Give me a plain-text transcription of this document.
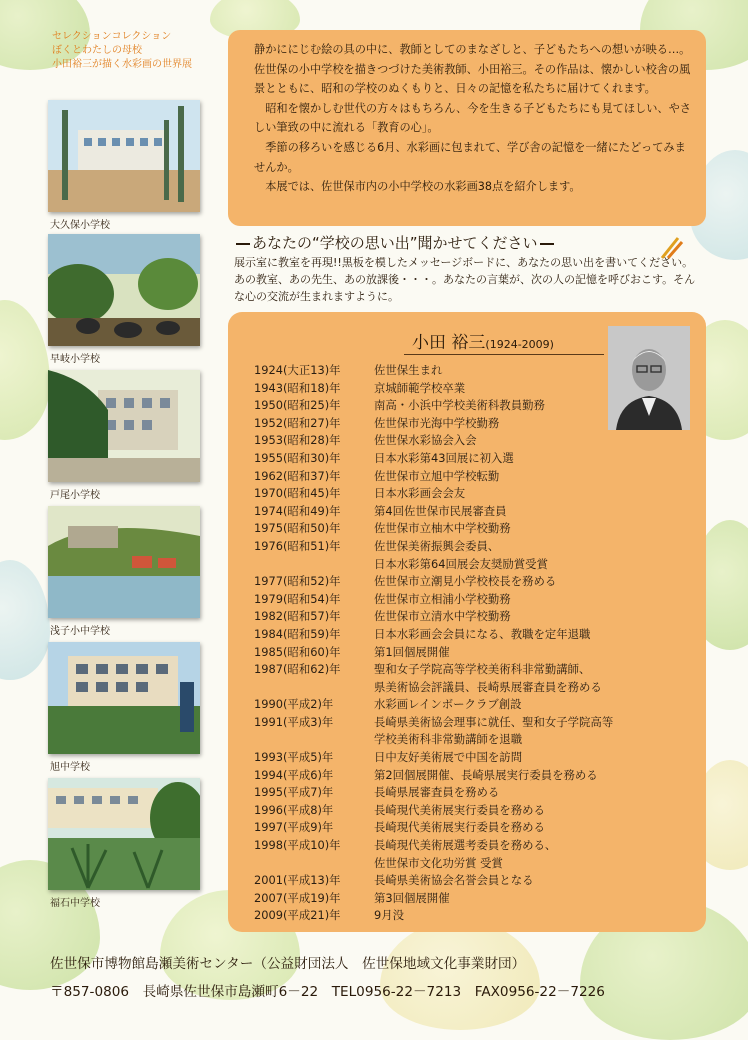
セレクションコレクション
ぼくとわたしの母校
小田裕三が描く水彩画の世界展

静かににじむ絵の具の中に、教師としてのまなざしと、子どもたちへの想いが映る…。佐世保の小中学校を描きつづけた美術教師、小田裕三。その作品は、懐かしい校舎の風景とともに、昭和の学校のぬくもりと、日々の記憶を私たちに届けてくれます。

　昭和を懐かしむ世代の方々はもちろん、今を生きる子どもたちにも見てほしい、やさしい筆致の中に流れる「教育の心」。

　季節の移ろいを感じる6月、水彩画に包まれて、学び舎の記憶を一緒にたどってみませんか。

　本展では、佐世保市内の小中学校の水彩画38点を紹介します。

あなたの“学校の思い出”聞かせてください
展示室に教室を再現!!黒板を模したメッセージボードに、あなたの思い出を書いてください。あの教室、あの先生、あの放課後・・・。あなたの言葉が、次の人の記憶を呼びおこす。そんな心の交流が生まれますように。
小田 裕三(1924-2009)
1924(大正13)年	佐世保生まれ
1943(昭和18)年	京城師範学校卒業
1950(昭和25)年	南高・小浜中学校美術科教員勤務
1952(昭和27)年	佐世保市光海中学校勤務
1953(昭和28)年	佐世保水彩協会入会
1955(昭和30)年	日本水彩第43回展に初入選
1962(昭和37)年	佐世保市立旭中学校転勤
1970(昭和45)年	日本水彩画会会友
1974(昭和49)年	第4回佐世保市民展審査員
1975(昭和50)年	佐世保市立柚木中学校勤務
1976(昭和51)年	佐世保美術振興会委員、
日本水彩第64回展会友奨励賞受賞
1977(昭和52)年	佐世保市立潮見小学校校長を務める
1979(昭和54)年	佐世保市立相浦小学校勤務
1982(昭和57)年	佐世保市立清水中学校勤務
1984(昭和59)年	日本水彩画会会員になる、教職を定年退職
1985(昭和60)年	第1回個展開催
1987(昭和62)年	聖和女子学院高等学校美術科非常勤講師、
県美術協会評議員、長崎県展審査員を務める
1990(平成2)年	水彩画レインボークラブ創設
1991(平成3)年	長崎県美術協会理事に就任、聖和女子学院高等
学校美術科非常勤講師を退職
1993(平成5)年	日中友好美術展で中国を訪問
1994(平成6)年	第2回個展開催、長崎県展実行委員を務める
1995(平成7)年	長崎県展審査員を務める
1996(平成8)年	長崎現代美術展実行委員を務める
1997(平成9)年	長崎現代美術展実行委員を務める
1998(平成10)年	長崎現代美術展選考委員を務める、
佐世保市文化功労賞 受賞
2001(平成13)年	長崎県美術協会名誉会員となる
2007(平成19)年	第3回個展開催
2009(平成21)年	9月没
大久保小学校
早岐小学校
戸尾小学校
浅子小中学校
旭中学校
福石中学校
佐世保市博物館島瀬美術センター（公益財団法人　佐世保地域文化事業財団）
〒857-0806　長崎県佐世保市島瀬町6－22　TEL0956-22－7213　FAX0956-22－7226
